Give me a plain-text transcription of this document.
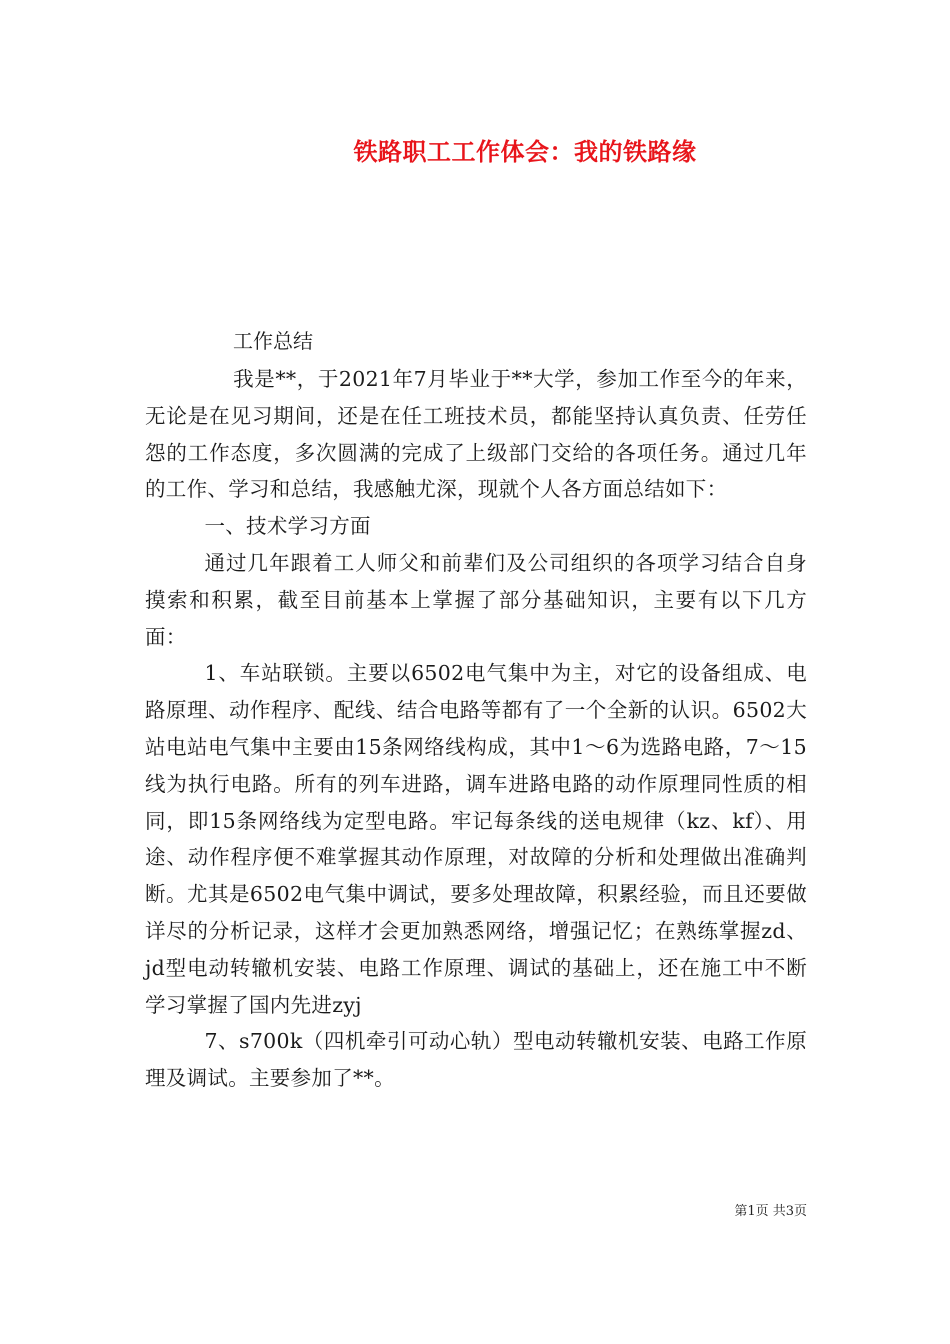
铁路职工工作体会：我的铁路缘
工作总结

我是**，于2021年7月毕业于**大学，参加工作至今的年来，无论是在见习期间，还是在任工班技术员，都能坚持认真负责、任劳任怨的工作态度，多次圆满的完成了上级部门交给的各项任务。通过几年的工作、学习和总结，我感触尤深，现就个人各方面总结如下：

一、技术学习方面

通过几年跟着工人师父和前辈们及公司组织的各项学习结合自身摸索和积累，截至目前基本上掌握了部分基础知识，主要有以下几方面：

1、车站联锁。主要以6502电气集中为主，对它的设备组成、电路原理、动作程序、配线、结合电路等都有了一个全新的认识。6502大站电站电气集中主要由15条网络线构成，其中1～6为选路电路，7～15线为执行电路。所有的列车进路，调车进路电路的动作原理同性质的相同，即15条网络线为定型电路。牢记每条线的送电规律（kz、kf）、用途、动作程序便不难掌握其动作原理，对故障的分析和处理做出准确判断。尤其是6502电气集中调试，要多处理故障，积累经验，而且还要做详尽的分析记录，这样才会更加熟悉网络，增强记忆；在熟练掌握zd、jd型电动转辙机安装、电路工作原理、调试的基础上，还在施工中不断学习掌握了国内先进zyj

7、s700k（四机牵引可动心轨）型电动转辙机安装、电路工作原理及调试。主要参加了**。

第1页 共3页
